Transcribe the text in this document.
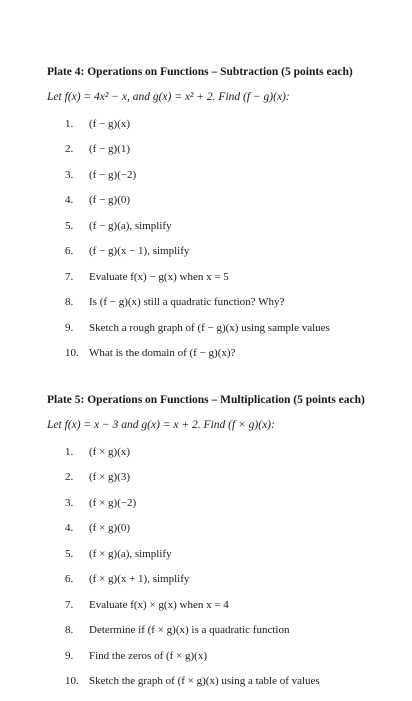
Plate 4: Operations on Functions – Subtraction (5 points each)

Let f(x) = 4x² − x, and g(x) = x² + 2. Find (f − g)(x):

1.	(f − g)(x)
2.	(f − g)(1)
3.	(f − g)(−2)
4.	(f − g)(0)
5.	(f − g)(a), simplify
6.	(f − g)(x − 1), simplify
7.	Evaluate f(x) − g(x) when x = 5
8.	Is (f − g)(x) still a quadratic function? Why?
9.	Sketch a rough graph of (f − g)(x) using sample values
10. What is the domain of (f − g)(x)?
Plate 5: Operations on Functions – Multiplication (5 points each)

Let f(x) = x − 3 and g(x) = x + 2. Find (f × g)(x):

1.	(f × g)(x)
2.	(f × g)(3)
3.	(f × g)(−2)
4.	(f × g)(0)
5.	(f × g)(a), simplify
6.	(f × g)(x + 1), simplify
7.	Evaluate f(x) × g(x) when x = 4
8.	Determine if (f × g)(x) is a quadratic function
9.	Find the zeros of (f × g)(x)
10. Sketch the graph of (f × g)(x) using a table of values
